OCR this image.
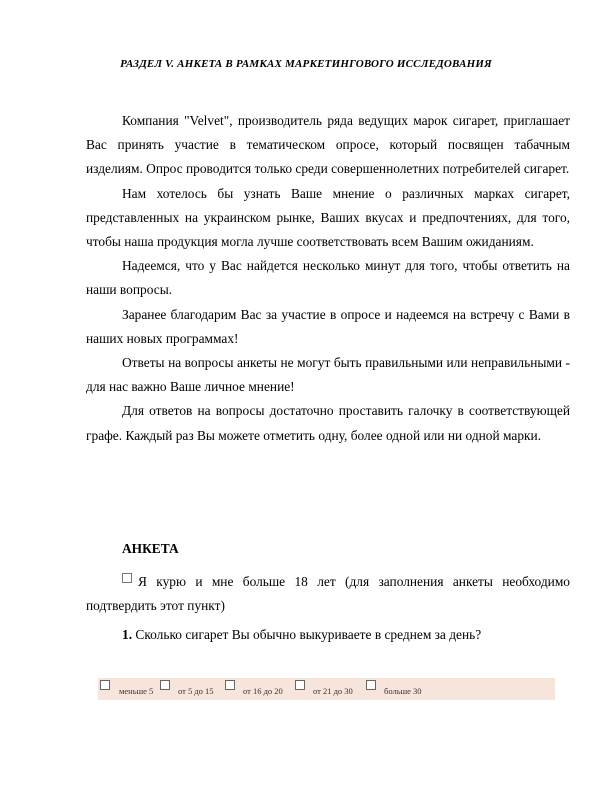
РАЗДЕЛ V. АНКЕТА В РАМКАХ МАРКЕТИНГОВОГО ИССЛЕДОВАНИЯ

Компания "Velvet", производитель ряда ведущих марок сигарет, приглашает Вас принять участие в тематическом опросе, который посвящен табачным изделиям. Опрос проводится только среди совершеннолетних потребителей сигарет.

Нам хотелось бы узнать Ваше мнение о различных марках сигарет, представленных на украинском рынке, Ваших вкусах и предпочтениях, для того, чтобы наша продукция могла лучше соответствовать всем Вашим ожиданиям.

Надеемся, что у Вас найдется несколько минут для того, чтобы ответить на наши вопросы.

Заранее благодарим Вас за участие в опросе и надеемся на встречу с Вами в наших новых программах!

Ответы на вопросы анкеты не могут быть правильными или неправильными - для нас важно Ваше личное мнение!

Для ответов на вопросы достаточно проставить галочку в соответствующей графе. Каждый раз Вы можете отметить одну, более одной или ни одной марки.

АНКЕТА
Я курю и мне больше 18 лет (для заполнения анкеты необходимо подтвердить этот пункт)
1. Сколько сигарет Вы обычно выкуриваете в среднем за день?
меньше 5	от 5 до 15	от 16 до 20	от 21 до 30	больше 30
